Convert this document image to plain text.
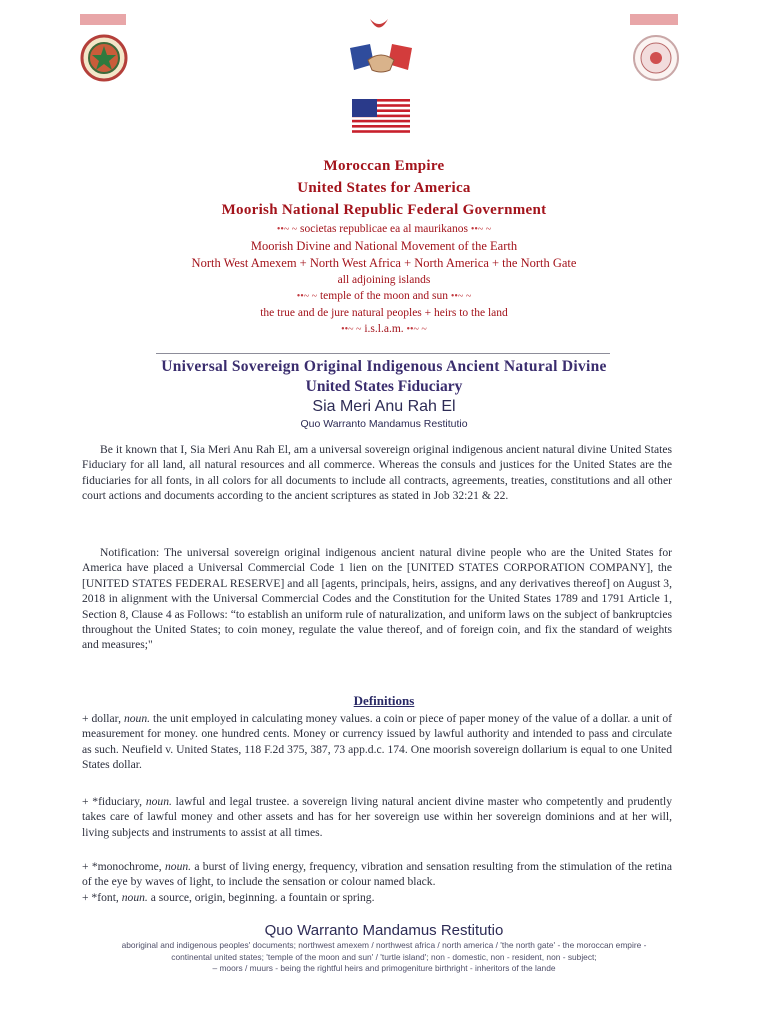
Moroccan Empire
United States for America
Moorish National Republic Federal Government
••~ ~ societas republicae ea al maurikanos ••~ ~
Moorish Divine and National Movement of the Earth
North West Amexem + North West Africa + North America + the North Gate
all adjoining islands
••~ ~ temple of the moon and sun ••~ ~
the true and de jure natural peoples + heirs to the land
••~ ~ i.s.l.a.m. ••~ ~
Universal Sovereign Original Indigenous Ancient Natural Divine
United States Fiduciary
Sia Meri Anu Rah El
Quo Warranto Mandamus Restitutio
Be it known that I, Sia Meri Anu Rah El, am a universal sovereign original indigenous ancient natural divine United States Fiduciary for all land, all natural resources and all commerce. Whereas the consuls and justices for the United States are the fiduciaries for all fonts, in all colors for all documents to include all contracts, agreements, treaties, constitutions and all other court actions and documents according to the ancient scriptures as stated in Job 32:21 & 22.
Notification: The universal sovereign original indigenous ancient natural divine people who are the United States for America have placed a Universal Commercial Code 1 lien on the [UNITED STATES CORPORATION COMPANY], the [UNITED STATES FEDERAL RESERVE] and all [agents, principals, heirs, assigns, and any derivatives thereof] on August 3, 2018 in alignment with the Universal Commercial Codes and the Constitution for the United States 1789 and 1791 Article 1, Section 8, Clause 4 as Follows: “to establish an uniform rule of naturalization, and uniform laws on the subject of bankruptcies throughout the United States; to coin money, regulate the value thereof, and of foreign coin, and fix the standard of weights and measures;"
Definitions
+ dollar, noun. the unit employed in calculating money values. a coin or piece of paper money of the value of a dollar. a unit of measurement for money. one hundred cents. Money or currency issued by lawful authority and intended to pass and circulate as such. Neufield v. United States, 118 F.2d 375, 387, 73 app.d.c. 174. One moorish sovereign dollarium is equal to one United States dollar.
+ *fiduciary, noun. lawful and legal trustee. a sovereign living natural ancient divine master who competently and prudently takes care of lawful money and other assets and has for her sovereign use within her sovereign dominions and at her will, living subjects and instruments to assist at all times.
+ *monochrome, noun. a burst of living energy, frequency, vibration and sensation resulting from the stimulation of the retina of the eye by waves of light, to include the sensation or colour named black.
+ *font, noun. a source, origin, beginning. a fountain or spring.
Quo Warranto Mandamus Restitutio
aboriginal and indigenous peoples' documents; northwest amexem / northwest africa / north america / 'the north gate' - the moroccan empire -
continental united states; 'temple of the moon and sun' / 'turtle island'; non - domestic, non - resident, non - subject;
– moors / muurs - being the rightful heirs and primogeniture birthright - inheritors of the lande
